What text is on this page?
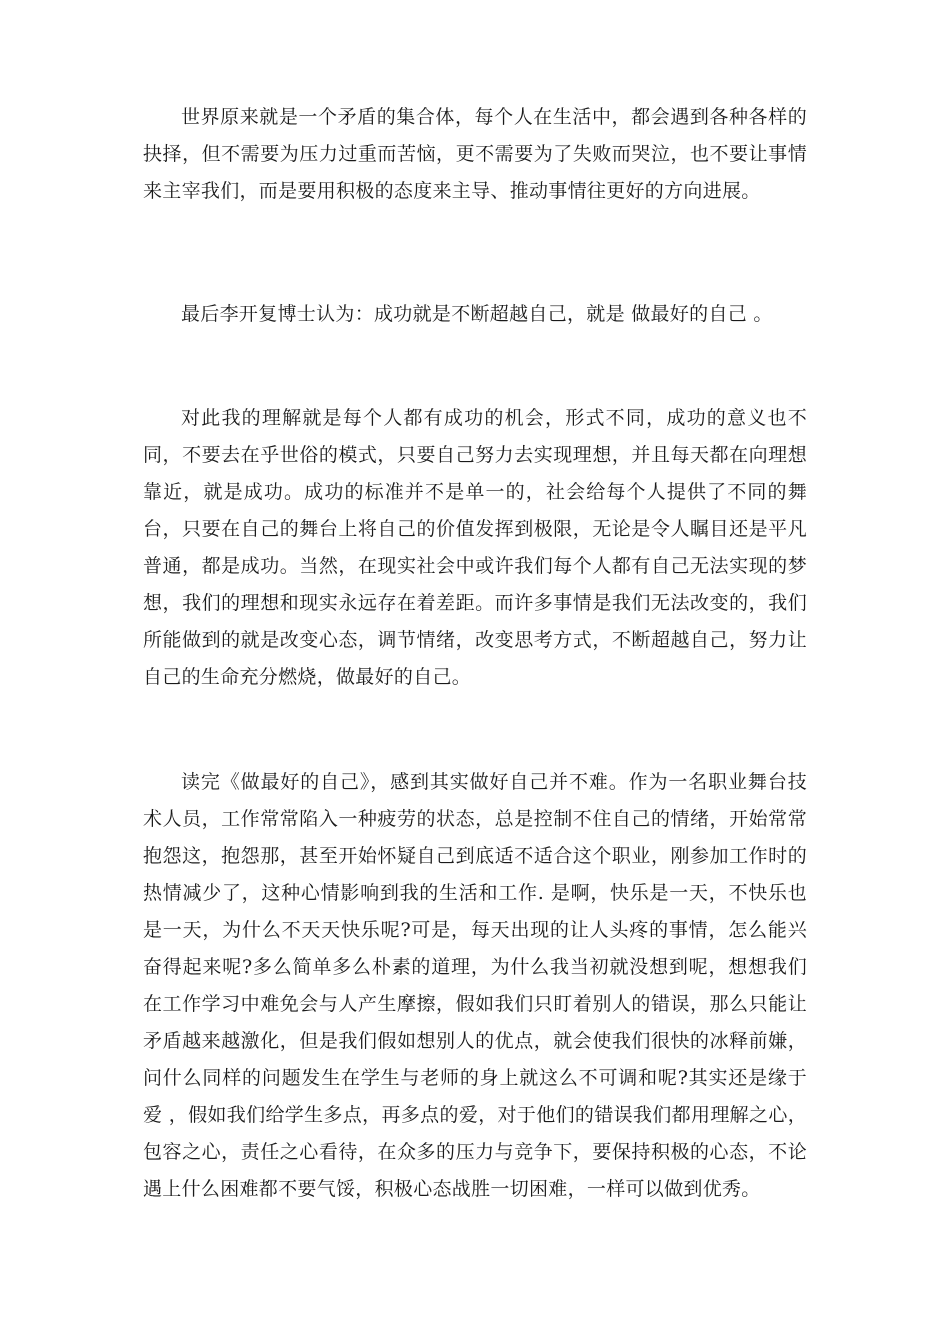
世界原来就是一个矛盾的集合体，每个人在生活中，都会遇到各种各样的抉择，但不需要为压力过重而苦恼，更不需要为了失败而哭泣，也不要让事情来主宰我们，而是要用积极的态度来主导、推动事情往更好的方向进展。

最后李开复博士认为：成功就是不断超越自己，就是 做最好的自己 。

对此我的理解就是每个人都有成功的机会，形式不同，成功的意义也不同，不要去在乎世俗的模式，只要自己努力去实现理想，并且每天都在向理想靠近，就是成功。成功的标准并不是单一的，社会给每个人提供了不同的舞台，只要在自己的舞台上将自己的价值发挥到极限，无论是令人瞩目还是平凡普通，都是成功。当然，在现实社会中或许我们每个人都有自己无法实现的梦想，我们的理想和现实永远存在着差距。而许多事情是我们无法改变的，我们所能做到的就是改变心态，调节情绪，改变思考方式，不断超越自己，努力让自己的生命充分燃烧，做最好的自己。

读完《做最好的自己》，感到其实做好自己并不难。作为一名职业舞台技术人员，工作常常陷入一种疲劳的状态，总是控制不住自己的情绪，开始常常抱怨这，抱怨那，甚至开始怀疑自己到底适不适合这个职业，刚参加工作时的热情减少了，这种心情影响到我的生活和工作. 是啊，快乐是一天，不快乐也是一天，为什么不天天快乐呢?可是，每天出现的让人头疼的事情，怎么能兴奋得起来呢?多么简单多么朴素的道理，为什么我当初就没想到呢，想想我们在工作学习中难免会与人产生摩擦，假如我们只盯着别人的错误，那么只能让矛盾越来越激化，但是我们假如想别人的优点，就会使我们很快的冰释前嫌，问什么同样的问题发生在学生与老师的身上就这么不可调和呢?其实还是缘于 爱 ，假如我们给学生多点，再多点的爱，对于他们的错误我们都用理解之心，包容之心，责任之心看待，在众多的压力与竞争下，要保持积极的心态，不论遇上什么困难都不要气馁，积极心态战胜一切困难，一样可以做到优秀。
